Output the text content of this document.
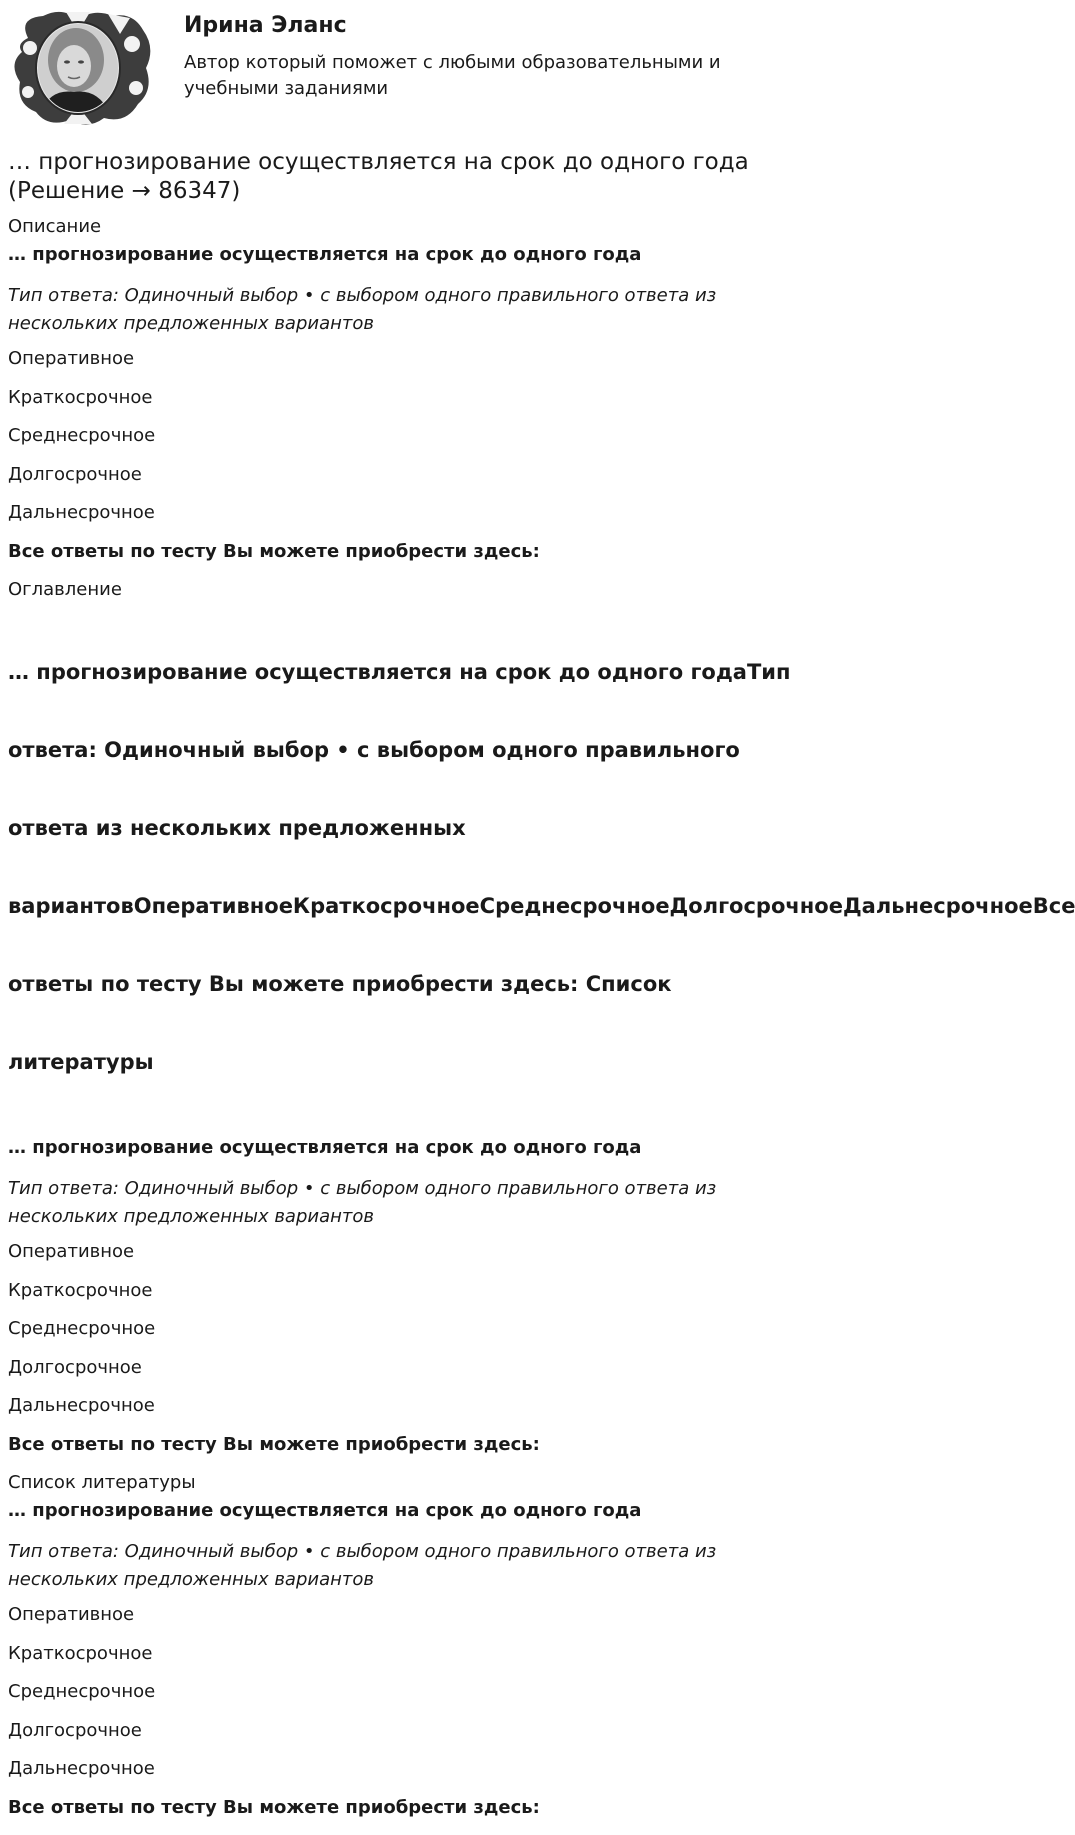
Ирина Эланс

Автор который поможет с любыми образовательными и
учебными заданиями

… прогнозирование осуществляется на срок до одного года
(Решение → 86347)
Описание
… прогнозирование осуществляется на срок до одного года
Тип ответа: Одиночный выбор • с выбором одного правильного ответа из
нескольких предложенных вариантов
Оперативное
Краткосрочное
Среднесрочное
Долгосрочное
Дальнесрочное
Все ответы по тесту Вы можете приобрести здесь:
Оглавление

… прогнозирование осуществляется на срок до одного годаТип

ответа: Одиночный выбор • с выбором одного правильного

ответа из нескольких предложенных

вариантовОперативноеКраткосрочноеСреднесрочноеДолгосрочноеДальнесрочноеВсе

ответы по тесту Вы можете приобрести здесь: Список

литературы

… прогнозирование осуществляется на срок до одного года
Тип ответа: Одиночный выбор • с выбором одного правильного ответа из
нескольких предложенных вариантов
Оперативное
Краткосрочное
Среднесрочное
Долгосрочное
Дальнесрочное
Все ответы по тесту Вы можете приобрести здесь:
Список литературы
… прогнозирование осуществляется на срок до одного года
Тип ответа: Одиночный выбор • с выбором одного правильного ответа из
нескольких предложенных вариантов
Оперативное
Краткосрочное
Среднесрочное
Долгосрочное
Дальнесрочное
Все ответы по тесту Вы можете приобрести здесь:
